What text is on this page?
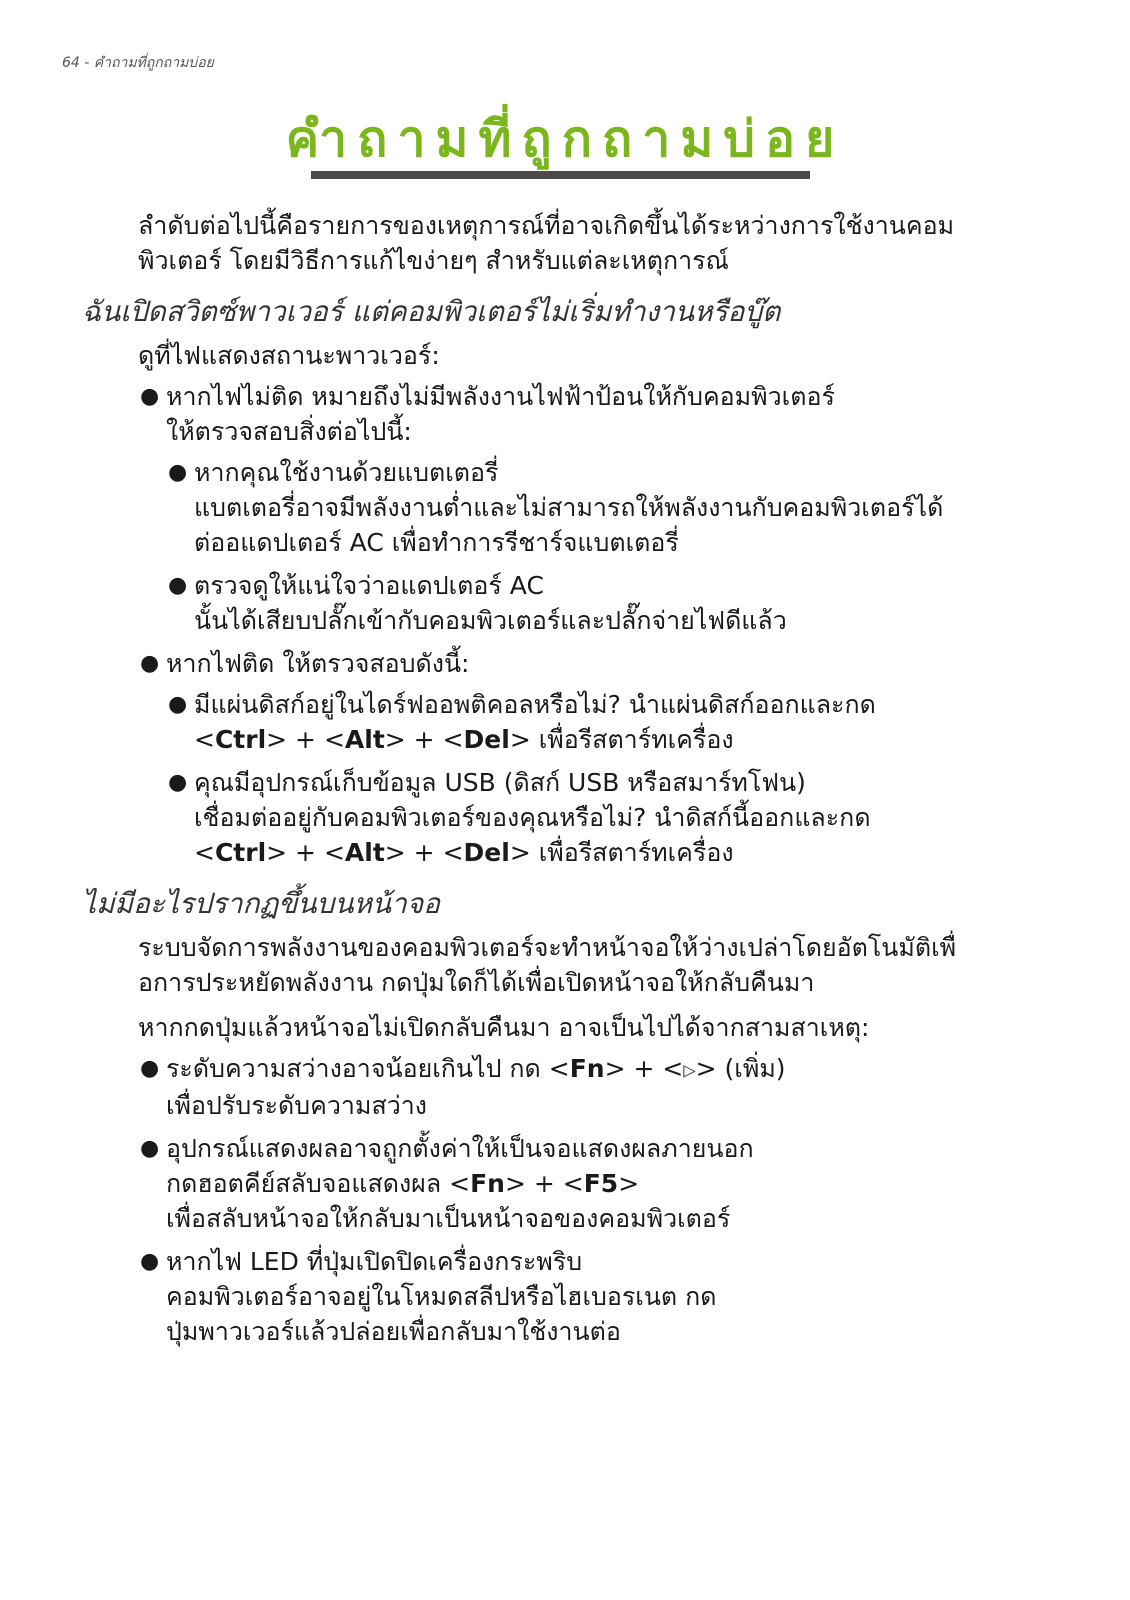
64 - คำถามที่ถูกถามบ่อย
คำถามที่ถูกถามบ่อย

ลำดับต่อไปนี้คือรายการของเหตุการณ์ที่อาจเกิดขึ้นได้ระหว่างการใช้งานคอม
พิวเตอร์ โดยมีวิธีการแก้ไขง่ายๆ สำหรับแต่ละเหตุการณ์

ฉันเปิดสวิตซ์พาวเวอร์ แต่คอมพิวเตอร์ไม่เริ่มทำงานหรือบู๊ต

ดูที่ไฟแสดงสถานะพาวเวอร์:

● หากไฟไม่ติด หมายถึงไม่มีพลังงานไฟฟ้าป้อนให้กับคอมพิวเตอร์
ให้ตรวจสอบสิ่งต่อไปนี้:
● หากคุณใช้งานด้วยแบตเตอรี่
แบตเตอรี่อาจมีพลังงานต่ำและไม่สามารถให้พลังงานกับคอมพิวเตอร์ได้
ต่ออแดปเตอร์ AC เพื่อทำการรีชาร์จแบตเตอรี่
● ตรวจดูให้แน่ใจว่าอแดปเตอร์ AC
นั้นได้เสียบปลั๊กเข้ากับคอมพิวเตอร์และปลั๊กจ่ายไฟดีแล้ว
● หากไฟติด ให้ตรวจสอบดังนี้:
● มีแผ่นดิสก์อยู่ในไดร์ฟออพติคอลหรือไม่? นำแผ่นดิสก์ออกและกด
<Ctrl> + <Alt> + <Del> เพื่อรีสตาร์ทเครื่อง
● คุณมีอุปกรณ์เก็บข้อมูล USB (ดิสก์ USB หรือสมาร์ทโฟน)
เชื่อมต่ออยู่กับคอมพิวเตอร์ของคุณหรือไม่? นำดิสก์นี้ออกและกด
<Ctrl> + <Alt> + <Del> เพื่อรีสตาร์ทเครื่อง
ไม่มีอะไรปรากฏขึ้นบนหน้าจอ

ระบบจัดการพลังงานของคอมพิวเตอร์จะทำหน้าจอให้ว่างเปล่าโดยอัตโนมัติเพื่
อการประหยัดพลังงาน กดปุ่มใดก็ได้เพื่อเปิดหน้าจอให้กลับคืนมา

หากกดปุ่มแล้วหน้าจอไม่เปิดกลับคืนมา อาจเป็นไปได้จากสามสาเหตุ:

● ระดับความสว่างอาจน้อยเกินไป กด <Fn> + <▷> (เพิ่ม)
เพื่อปรับระดับความสว่าง
● อุปกรณ์แสดงผลอาจถูกตั้งค่าให้เป็นจอแสดงผลภายนอก
กดฮอตคีย์สลับจอแสดงผล <Fn> + <F5>
เพื่อสลับหน้าจอให้กลับมาเป็นหน้าจอของคอมพิวเตอร์
● หากไฟ LED ที่ปุ่มเปิดปิดเครื่องกระพริบ
คอมพิวเตอร์อาจอยู่ในโหมดสลีปหรือไฮเบอรเนต กด
ปุ่มพาวเวอร์แล้วปล่อยเพื่อกลับมาใช้งานต่อ
